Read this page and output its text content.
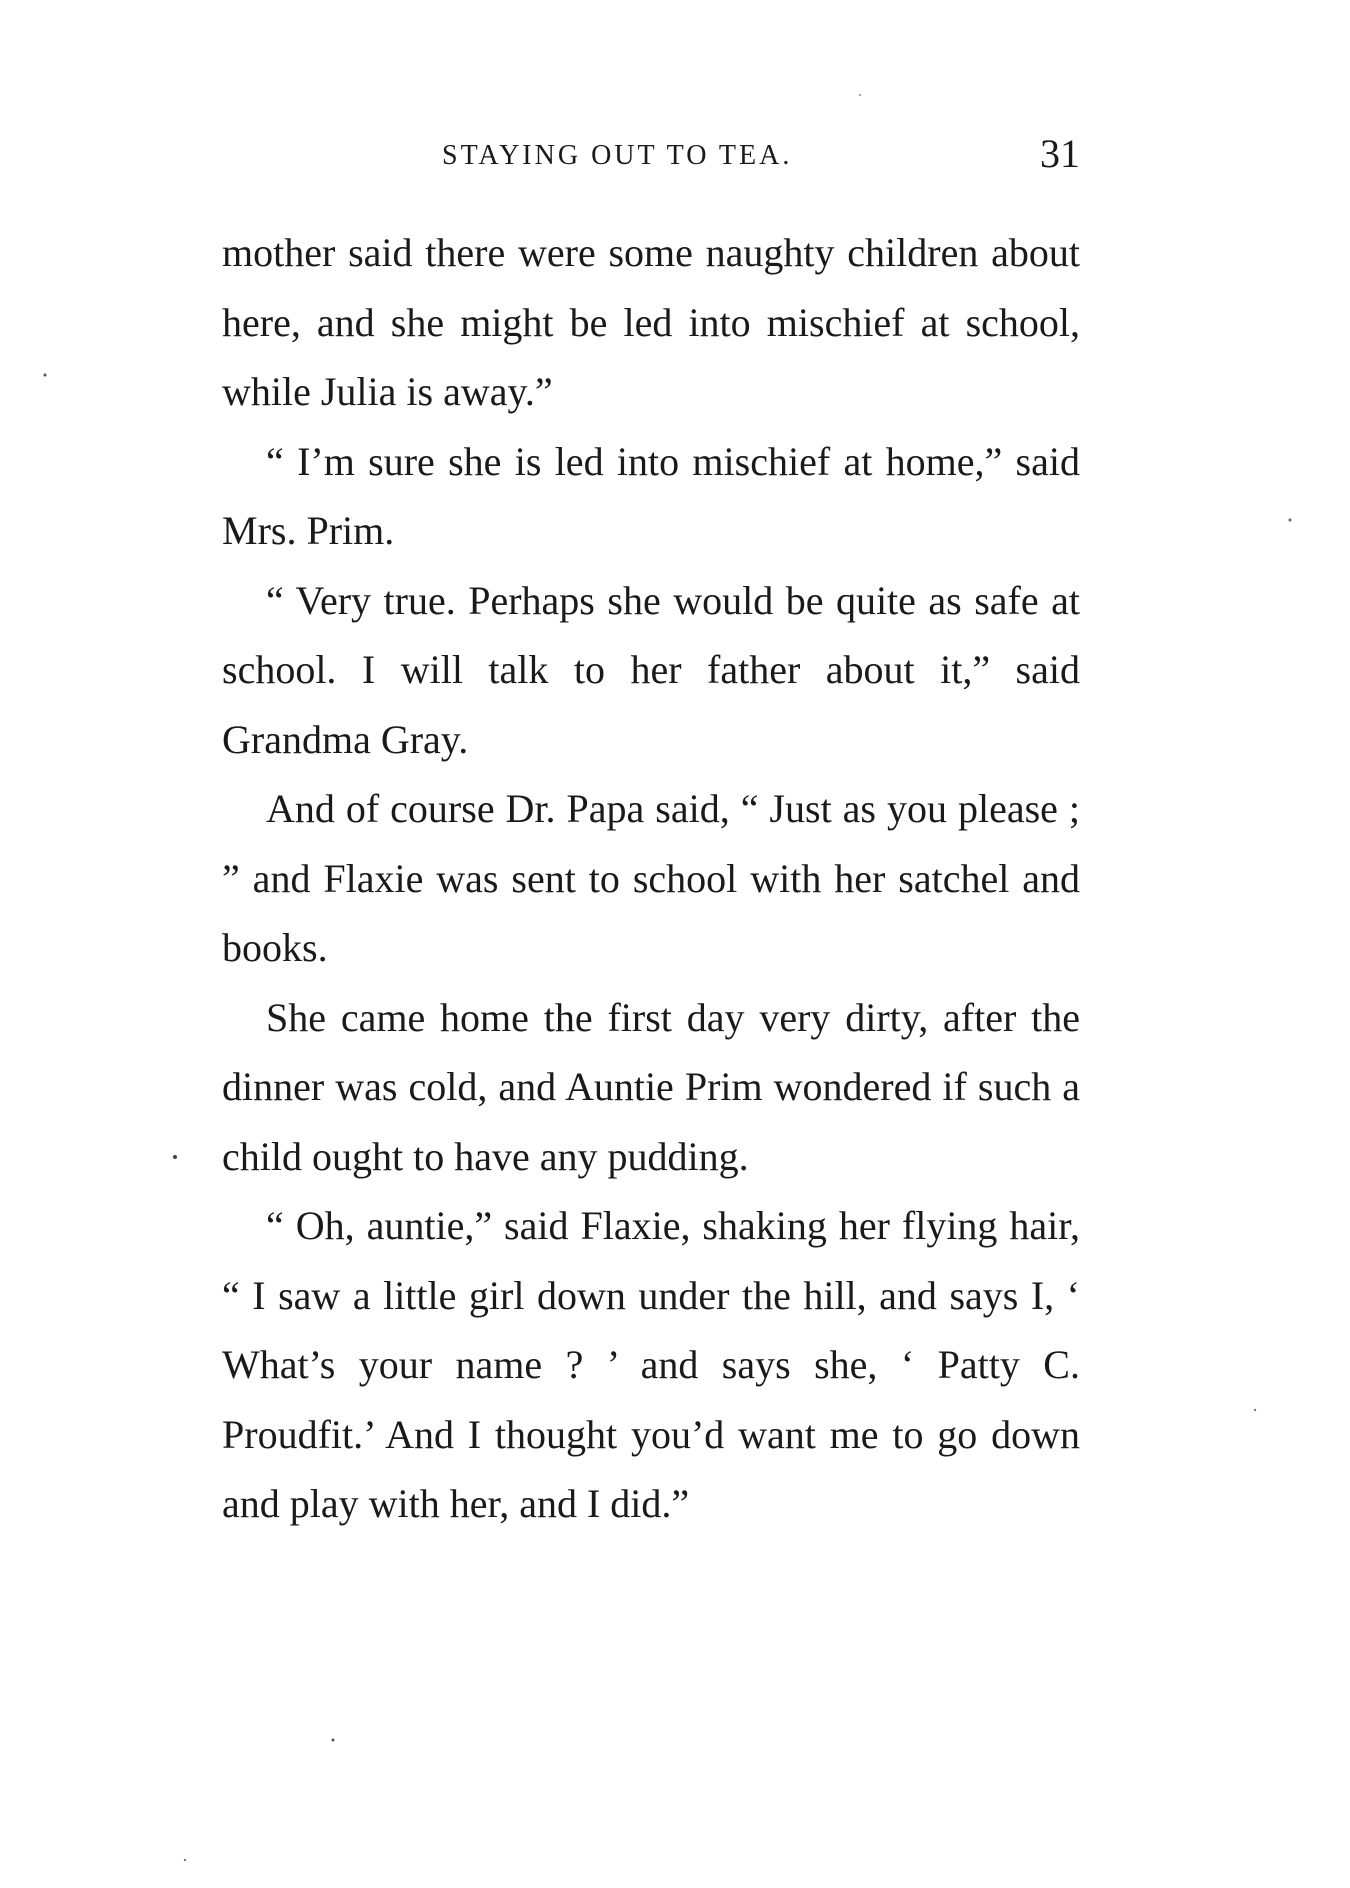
STAYING OUT TO TEA.	31

mother said there were some naughty children about here, and she might be led into mischief at school, while Julia is away.”

“ I’m sure she is led into mischief at home,” said Mrs. Prim.

“ Very true. Perhaps she would be quite as safe at school. I will talk to her father about it,” said Grandma Gray.

And of course Dr. Papa said, “ Just as you please ; ” and Flaxie was sent to school with her satchel and books.

She came home the first day very dirty, after the dinner was cold, and Auntie Prim wondered if such a child ought to have any pudding.

“ Oh, auntie,” said Flaxie, shaking her flying hair, “ I saw a little girl down under the hill, and says I, ‘ What’s your name ? ’ and says she, ‘ Patty C. Proudfit.’ And I thought you’d want me to go down and play with her, and I did.”
